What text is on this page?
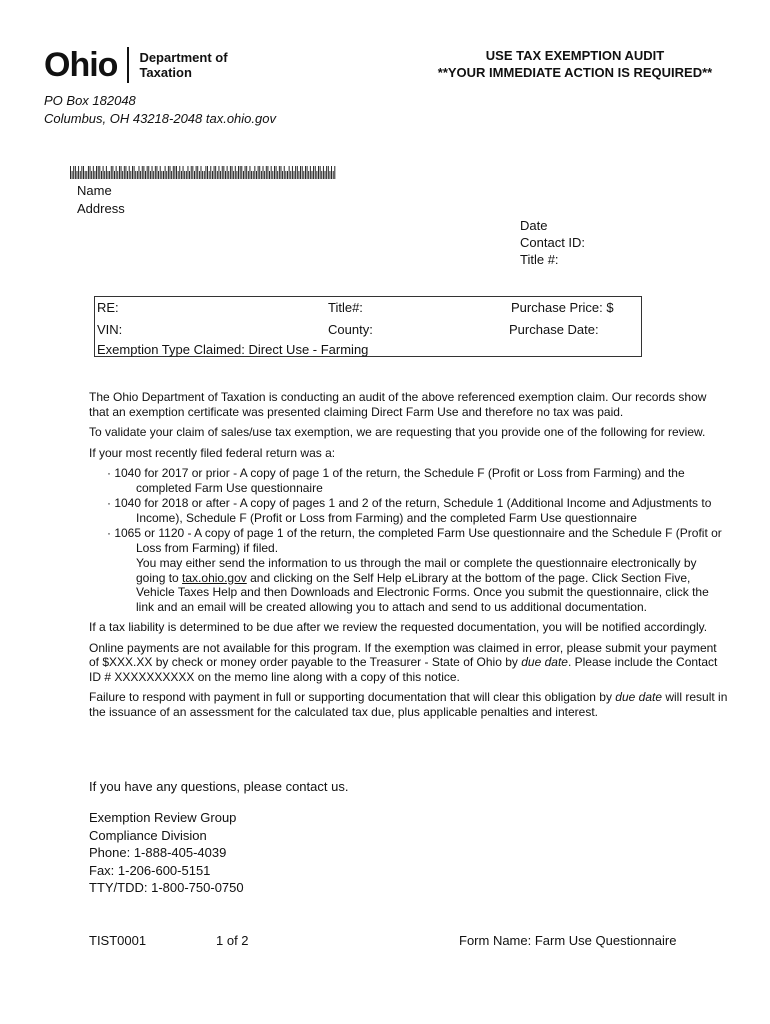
Ohio Department of
Taxation
USE TAX EXEMPTION AUDIT
**YOUR IMMEDIATE ACTION IS REQUIRED**
PO Box 182048
Columbus, OH 43218-2048 tax.ohio.gov
Name
Address
Date
Contact ID:
Title #:
RE:	Title#:	Purchase Price: $
VIN:	County:	Purchase Date:
Exemption Type Claimed: Direct Use - Farming

The Ohio Department of Taxation is conducting an audit of the above referenced exemption claim. Our records show that an exemption certificate was presented claiming Direct Farm Use and therefore no tax was paid.

To validate your claim of sales/use tax exemption, we are requesting that you provide one of the following for review.

If your most recently filed federal return was a:

· 1040 for 2017 or prior - A copy of page 1 of the return, the Schedule F (Profit or Loss from Farming) and the completed Farm Use questionnaire
· 1040 for 2018 or after - A copy of pages 1 and 2 of the return, Schedule 1 (Additional Income and Adjustments to Income), Schedule F (Profit or Loss from Farming) and the completed Farm Use questionnaire
· 1065 or 1120 - A copy of page 1 of the return, the completed Farm Use questionnaire and the Schedule F (Profit or Loss from Farming) if filed.

You may either send the information to us through the mail or complete the questionnaire electronically by going to tax.ohio.gov and clicking on the Self Help eLibrary at the bottom of the page. Click Section Five, Vehicle Taxes Help and then Downloads and Electronic Forms. Once you submit the questionnaire, click the link and an email will be created allowing you to attach and send to us additional documentation.

If a tax liability is determined to be due after we review the requested documentation, you will be notified accordingly.

Online payments are not available for this program. If the exemption was claimed in error, please submit your payment of $XXX.XX by check or money order payable to the Treasurer - State of Ohio by due date. Please include the Contact ID # XXXXXXXXXX on the memo line along with a copy of this notice.

Failure to respond with payment in full or supporting documentation that will clear this obligation by due date will result in the issuance of an assessment for the calculated tax due, plus applicable penalties and interest.

If you have any questions, please contact us.
Exemption Review Group
Compliance Division
Phone: 1-888-405-4039
Fax: 1-206-600-5151
TTY/TDD: 1-800-750-0750
TIST0001	1 of 2	Form Name: Farm Use Questionnaire
